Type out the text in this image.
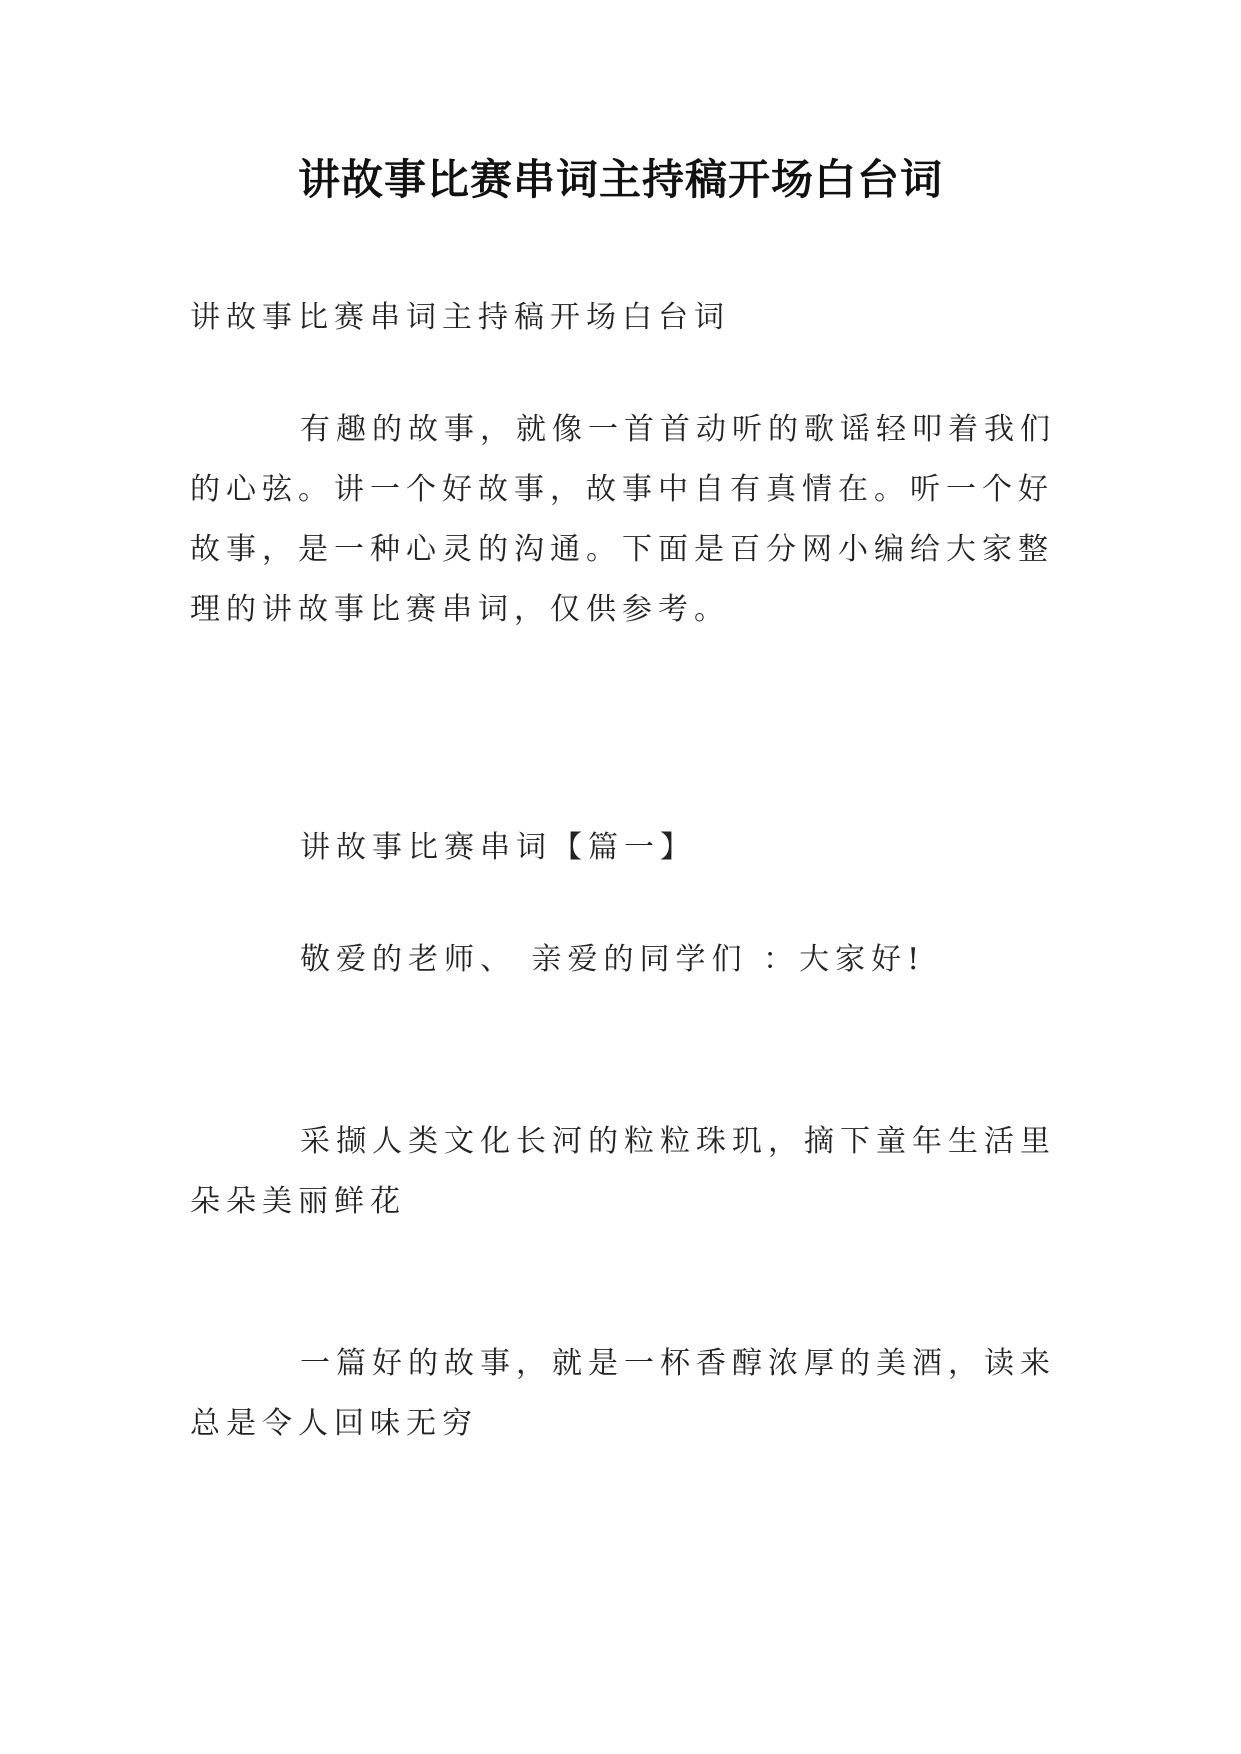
讲故事比赛串词主持稿开场白台词

讲故事比赛串词主持稿开场白台词

有趣的故事，就像一首首动听的歌谣轻叩着我们的心弦。讲一个好故事，故事中自有真情在。听一个好故事，是一种心灵的沟通。下面是百分网小编给大家整理的讲故事比赛串词，仅供参考。

讲故事比赛串词【篇一】

敬爱的老师、 亲爱的同学们 ：大家好!

采撷人类文化长河的粒粒珠玑，摘下童年生活里朵朵美丽鲜花

一篇好的故事，就是一杯香醇浓厚的美酒，读来总是令人回味无穷
